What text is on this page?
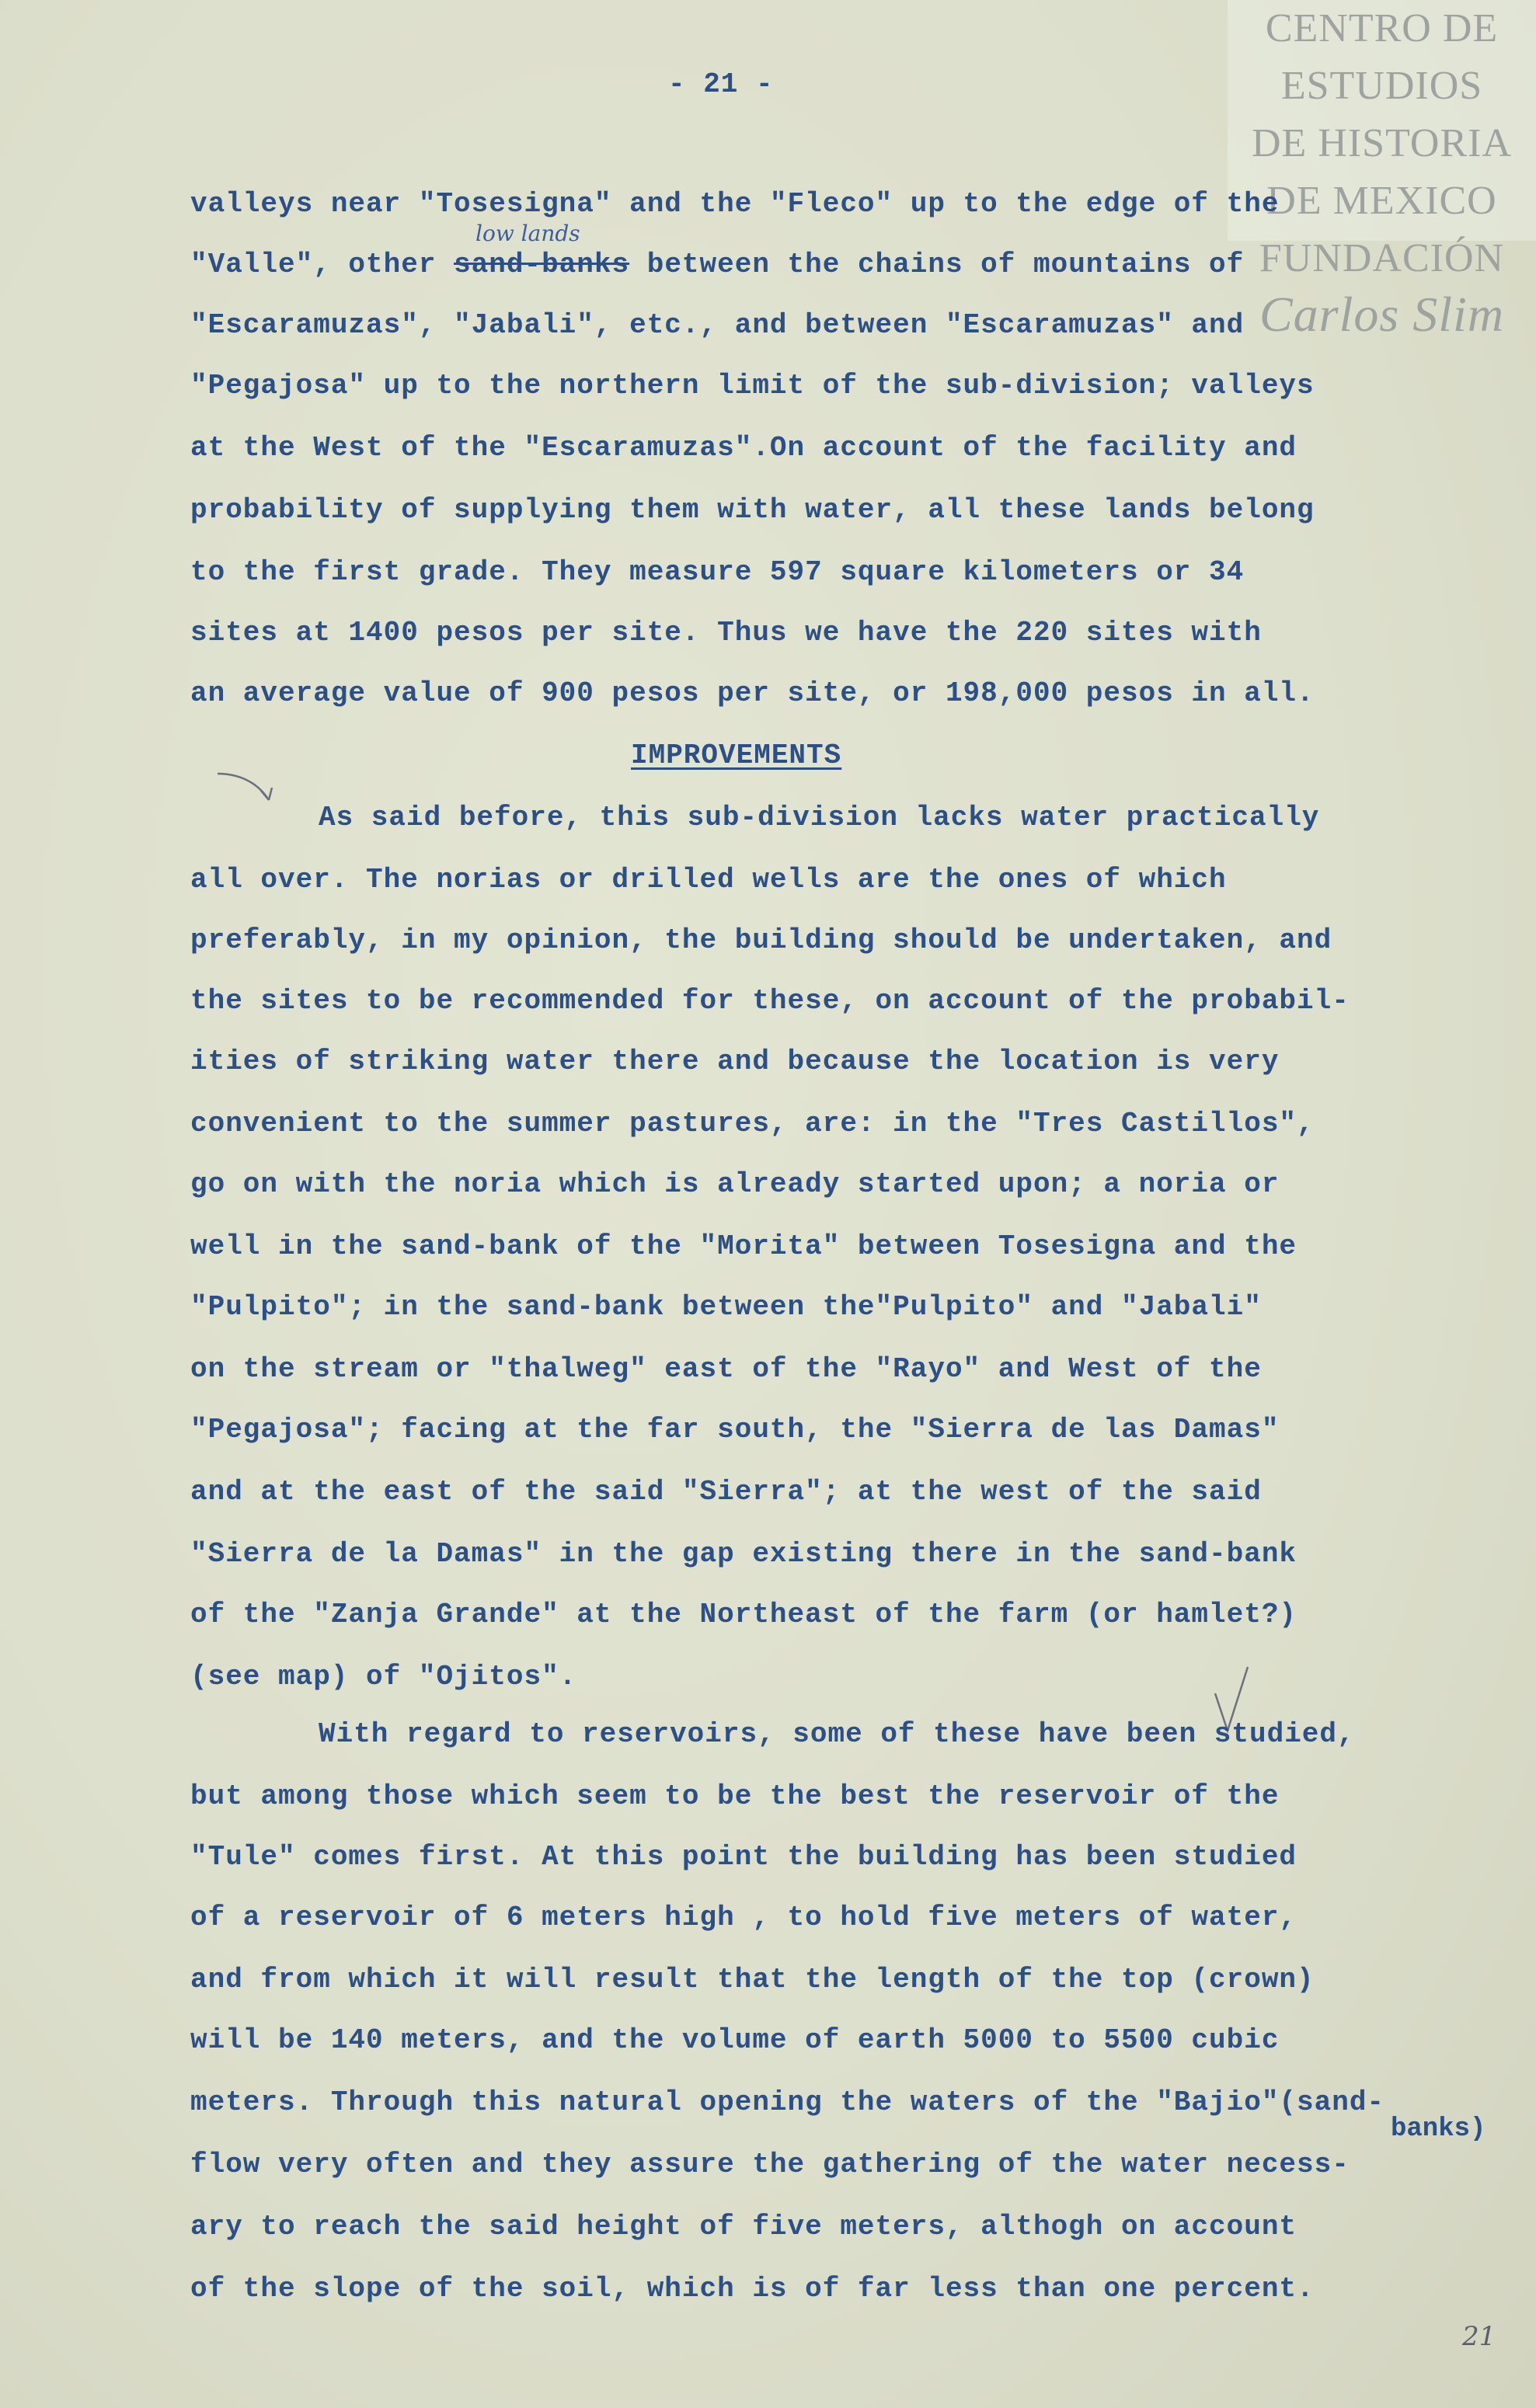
CENTRO DE
ESTUDIOS
DE HISTORIA
DE MEXICO
FUNDACIÓN
Carlos Slim
- 21 -
valleys near "Tosesigna" and the "Fleco" up to the edge of the
"Valle", other sand-banks between the chains of mountains of
low lands
"Escaramuzas", "Jabali", etc., and between "Escaramuzas" and
"Pegajosa" up to the northern limit of the sub-division; valleys
at the West of the "Escaramuzas".On account of the facility and
probability of supplying them with water, all these lands belong
to the first grade. They measure 597 square kilometers or 34
sites at 1400 pesos per site. Thus we have the 220 sites with
an average value of 900 pesos per site, or 198,000 pesos in all.
IMPROVEMENTS
As said before, this sub-division lacks water practically
all over. The norias or drilled wells are the ones of which
preferably, in my opinion, the building should be undertaken, and
the sites to be recommended for these, on account of the probabil-
ities of striking water there and because the location is very
convenient to the summer pastures, are: in the "Tres Castillos",
go on with the noria which is already started upon; a noria or
well in the sand-bank of the "Morita" between Tosesigna and the
"Pulpito"; in the sand-bank between the"Pulpito" and "Jabali"
on the stream or "thalweg" east of the "Rayo" and West of the
"Pegajosa"; facing at the far south, the "Sierra de las Damas"
and at the east of the said "Sierra"; at the west of the said
"Sierra de la Damas" in the gap existing there in the sand-bank
of the "Zanja Grande" at the Northeast of the farm (or hamlet?)
(see map) of "Ojitos".
With regard to reservoirs, some of these have been studied,
but among those which seem to be the best the reservoir of the
"Tule" comes first. At this point the building has been studied
of a reservoir of 6 meters high , to hold five meters of water,
and from which it will result that the length of the top (crown)
will be 140 meters, and the volume of earth 5000 to 5500 cubic
meters. Through this natural opening the waters of the "Bajio"(sand-
banks)
flow very often and they assure the gathering of the water necess-
ary to reach the said height of five meters, althogh on account
of the slope of the soil, which is of far less than one percent.
21
